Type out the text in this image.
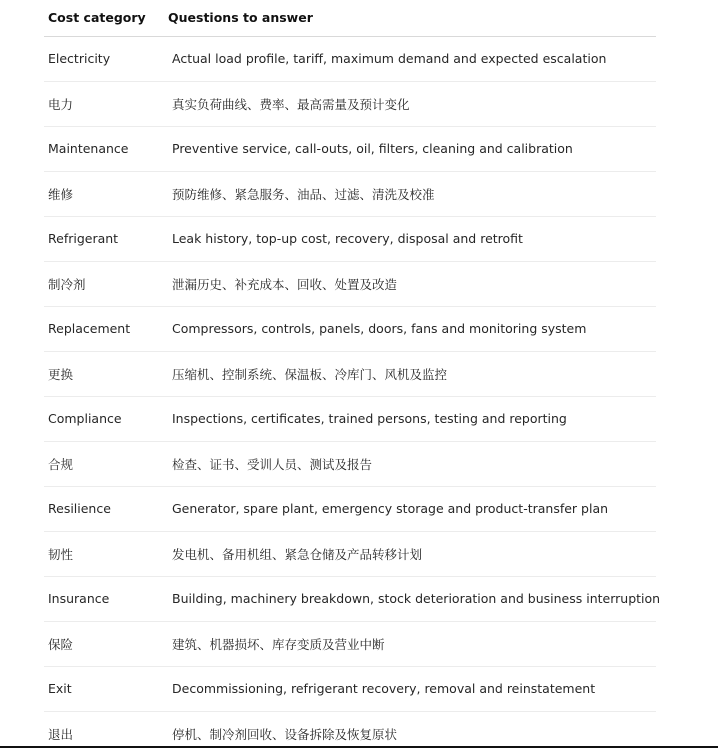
Cost category	Questions to answer
Electricity	Actual load profile, tariff, maximum demand and expected escalation
电力	真实负荷曲线、费率、最高需量及预计变化
Maintenance	Preventive service, call-outs, oil, filters, cleaning and calibration
维修	预防维修、紧急服务、油品、过滤、清洗及校准
Refrigerant	Leak history, top-up cost, recovery, disposal and retrofit
制冷剂	泄漏历史、补充成本、回收、处置及改造
Replacement	Compressors, controls, panels, doors, fans and monitoring system
更换	压缩机、控制系统、保温板、冷库门、风机及监控
Compliance	Inspections, certificates, trained persons, testing and reporting
合规	检查、证书、受训人员、测试及报告
Resilience	Generator, spare plant, emergency storage and product-transfer plan
韧性	发电机、备用机组、紧急仓储及产品转移计划
Insurance	Building, machinery breakdown, stock deterioration and business interruption
保险	建筑、机器损坏、库存变质及营业中断
Exit	Decommissioning, refrigerant recovery, removal and reinstatement
退出	停机、制冷剂回收、设备拆除及恢复原状
